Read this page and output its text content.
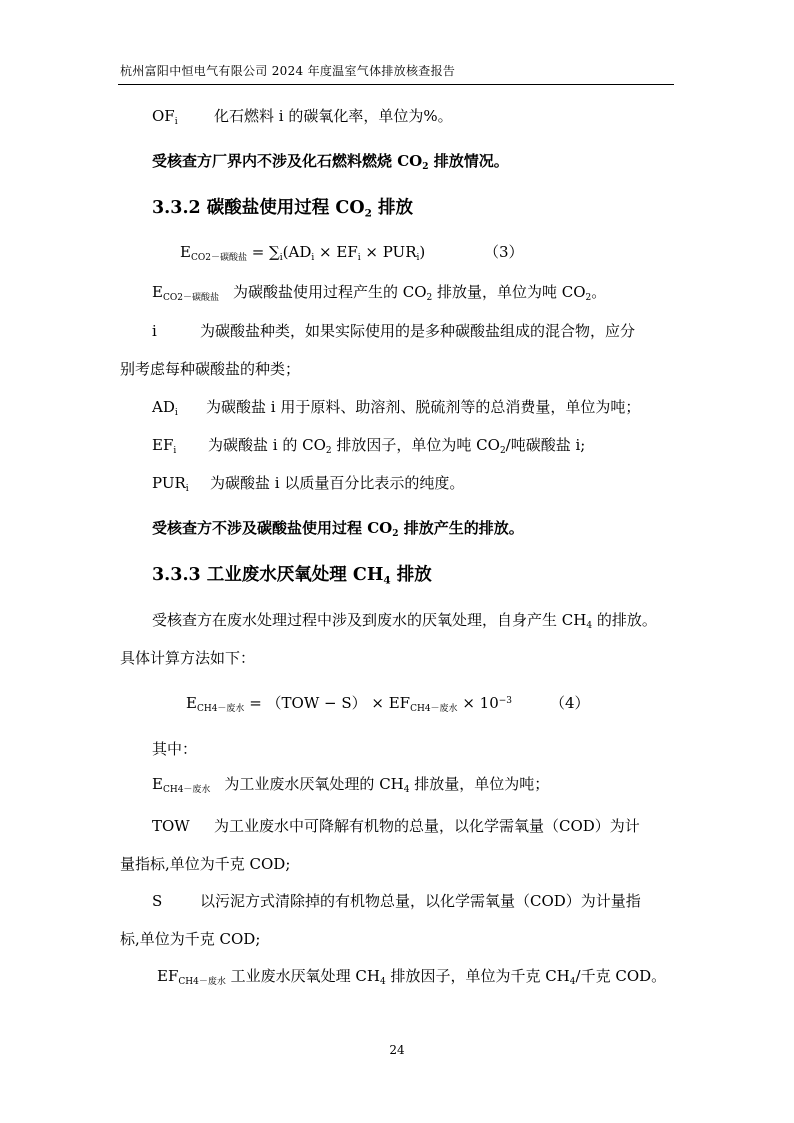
杭州富阳中恒电气有限公司 2024 年度温室气体排放核查报告
$OF_i$ 化石燃料 i 的碳氧化率，单位为%。
受核查方厂界内不涉及化石燃料燃烧 $CO_2$ 排放情况。
3.3.2 碳酸盐使用过程 $CO_2$ 排放
$E_{CO2-碳酸盐} = \sum_i(AD_i \times EF_i \times PUR_i)$	（3）
$E_{CO2-碳酸盐}$ 为碳酸盐使用过程产生的 $CO_2$ 排放量，单位为吨 $CO_2$。
i	为碳酸盐种类，如果实际使用的是多种碳酸盐组成的混合物，应分
别考虑每种碳酸盐的种类；
$AD_i$ 为碳酸盐 i 用于原料、助溶剂、脱硫剂等的总消费量，单位为吨；
$EF_i$ 为碳酸盐 i 的 $CO_2$ 排放因子，单位为吨 $CO_2/$吨碳酸盐 i;
$PUR_i$ 为碳酸盐 i 以质量百分比表示的纯度。
受核查方不涉及碳酸盐使用过程 $CO_2$ 排放产生的排放。
3.3.3 工业废水厌氧处理 $CH_4$ 排放
受核查方在废水处理过程中涉及到废水的厌氧处理，自身产生 $CH_4$ 的排放。
具体计算方法如下：
$E_{CH4-废水} = (TOW - S) \times EF_{CH4-废水} \times 10^{-3}$	（4）
其中：
$E_{CH4-废水}$ 为工业废水厌氧处理的 $CH_4$ 排放量，单位为吨；
TOW 为工业废水中可降解有机物的总量，以化学需氧量（COD）为计
量指标,单位为千克 COD;
S	以污泥方式清除掉的有机物总量，以化学需氧量（COD）为计量指
标,单位为千克 COD;
$EF_{CH4-废水}$ 工业废水厌氧处理 $CH_4$ 排放因子，单位为千克 $CH_4/$千克 COD。
24
